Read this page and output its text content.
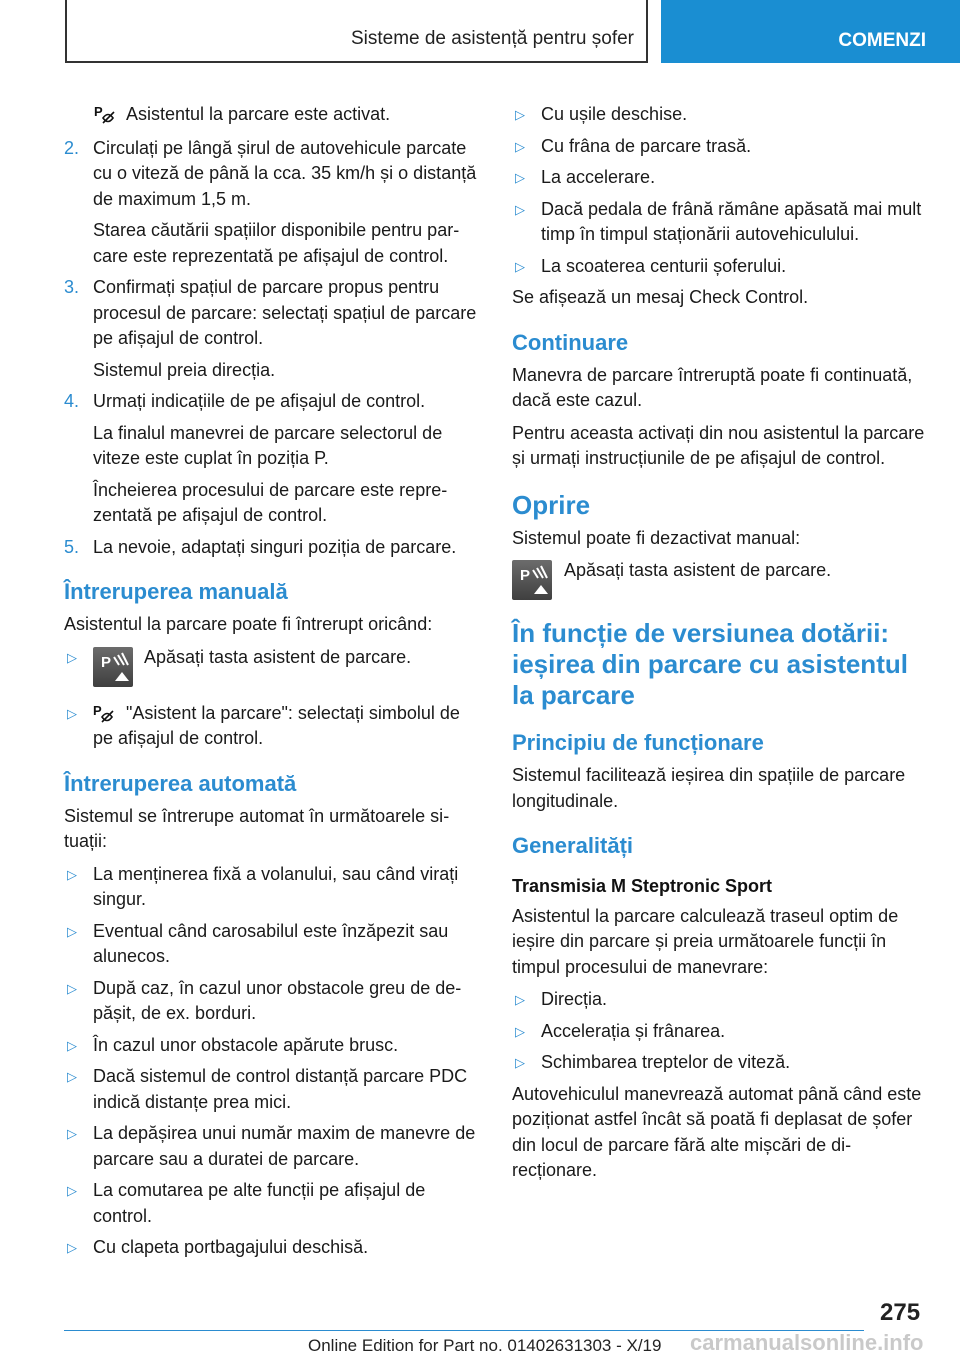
Sisteme de asistență pentru șofer	COMENZI
Asistentul la parcare este activat.
2. Circulați pe lângă șirul de autovehicule parcate cu o viteză de până la cca. 35 km/h și o distanță de maximum 1,5 m.
Starea căutării spațiilor disponibile pentru parcare este reprezentată pe afișajul de control.
3. Confirmați spațiul de parcare propus pentru procesul de parcare: selectați spațiul de parcare pe afișajul de control.
Sistemul preia direcția.
4. Urmați indicațiile de pe afișajul de control.
La finalul manevrei de parcare selectorul de viteze este cuplat în poziția P.
Încheierea procesului de parcare este reprezentată pe afișajul de control.
5. La nevoie, adaptați singuri poziția de parcare.
Întreruperea manuală

Asistentul la parcare poate fi întrerupt oricând:

▷	Apăsați tasta asistent de parcare.
▷	"Asistent la parcare": selectați simbolul de pe afișajul de control.
Întreruperea automată

Sistemul se întrerupe automat în următoarele situații:

▷ La menținerea fixă a volanului, sau când virați singur.
▷ Eventual când carosabilul este înzăpezit sau alunecos.
▷ După caz, în cazul unor obstacole greu de depășit, de ex. borduri.
▷ În cazul unor obstacole apărute brusc.
▷ Dacă sistemul de control distanță parcare PDC indică distanțe prea mici.
▷ La depășirea unui număr maxim de manevre de parcare sau a duratei de parcare.
▷ La comutarea pe alte funcții pe afișajul de control.
▷ Cu clapeta portbagajului deschisă.
▷ Cu ușile deschise.
▷ Cu frâna de parcare trasă.
▷ La accelerare.
▷ Dacă pedala de frână rămâne apăsată mai mult timp în timpul staționării autovehiculului.
▷ La scoaterea centurii șoferului.

Se afișează un mesaj Check Control.

Continuare

Manevra de parcare întreruptă poate fi continuată, dacă este cazul.

Pentru aceasta activați din nou asistentul la parcare și urmați instrucțiunile de pe afișajul de control.

Oprire

Sistemul poate fi dezactivat manual:

Apăsați tasta asistent de parcare.
În funcție de versiunea dotării: ieșirea din parcare cu asistentul la parcare
Principiu de funcționare

Sistemul facilitează ieșirea din spațiile de parcare longitudinale.

Generalități
Transmisia M Steptronic Sport

Asistentul la parcare calculează traseul optim de ieșire din parcare și preia următoarele funcții în timpul procesului de manevrare:

▷ Direcția.
▷ Accelerația și frânarea.
▷ Schimbarea treptelor de viteză.

Autovehiculul manevrează automat până când este poziționat astfel încât să poată fi deplasat de șofer din locul de parcare fără alte mișcări de direcționare.

275
carmanualsonline.info
Online Edition for Part no. 01402631303 - X/19
